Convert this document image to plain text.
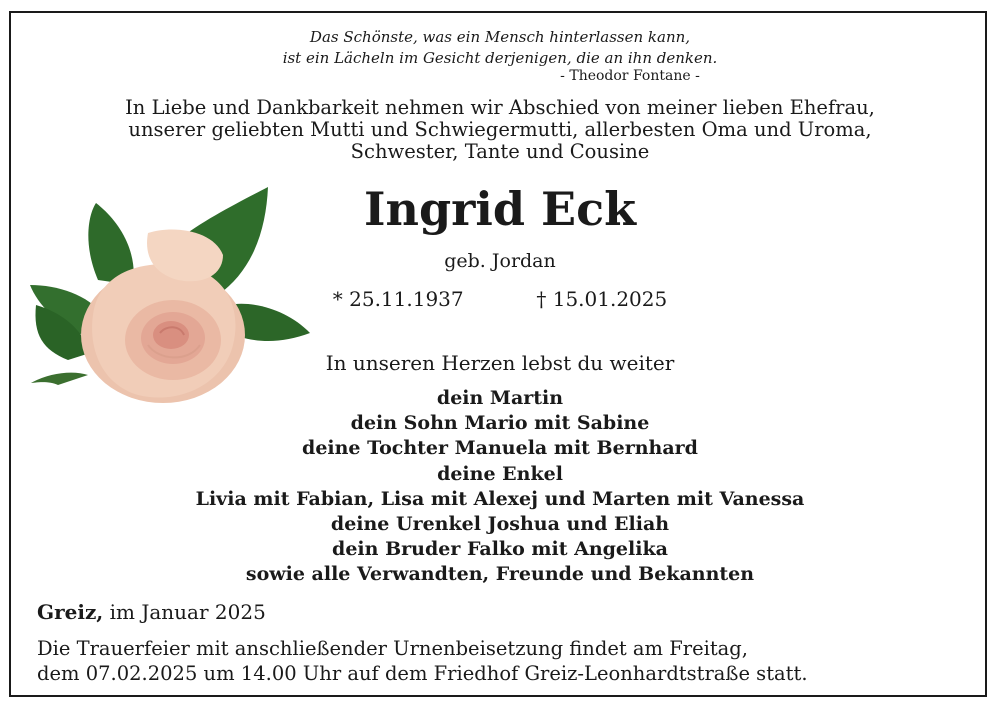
Das Schönste, was ein Mensch hinterlassen kann,
ist ein Lächeln im Gesicht derjenigen, die an ihn denken.
- Theodor Fontane -
In Liebe und Dankbarkeit nehmen wir Abschied von meiner lieben Ehefrau,
unserer geliebten Mutti und Schwiegermutti, allerbesten Oma und Uroma,
Schwester, Tante und Cousine
Ingrid Eck
geb. Jordan
* 25.11.1937	† 15.01.2025
In unseren Herzen lebst du weiter
dein Martin
dein Sohn Mario mit Sabine
deine Tochter Manuela mit Bernhard
deine Enkel
Livia mit Fabian, Lisa mit Alexej und Marten mit Vanessa
deine Urenkel Joshua und Eliah
dein Bruder Falko mit Angelika
sowie alle Verwandten, Freunde und Bekannten
Greiz, im Januar 2025
Die Trauerfeier mit anschließender Urnenbeisetzung findet am Freitag,
dem 07.02.2025 um 14.00 Uhr auf dem Friedhof Greiz-Leonhardtstraße statt.
